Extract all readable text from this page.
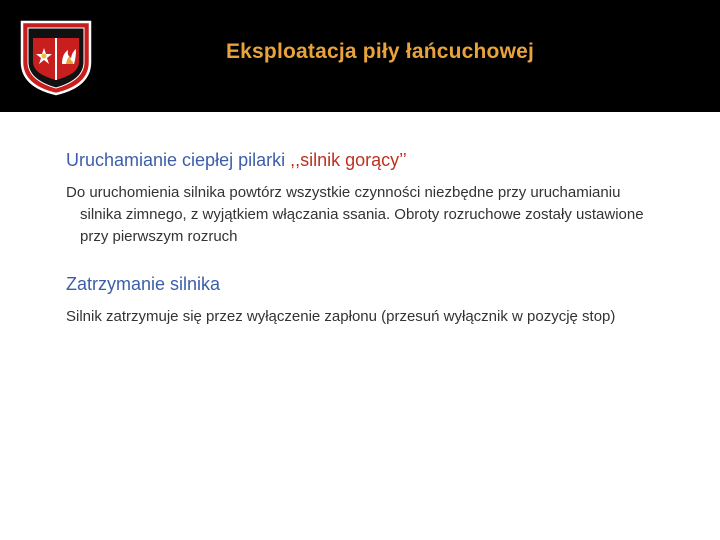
Eksploatacja piły łańcuchowej

Uruchamianie ciepłej pilarki ,,silnik gorący’’

Do uruchomienia silnika powtórz wszystkie czynności niezbędne przy uruchamianiu silnika zimnego, z wyjątkiem włączania ssania. Obroty rozruchowe zostały ustawione przy pierwszym rozruch

Zatrzymanie silnika

Silnik zatrzymuje się przez wyłączenie zapłonu (przesuń wyłącznik w pozycję stop)
